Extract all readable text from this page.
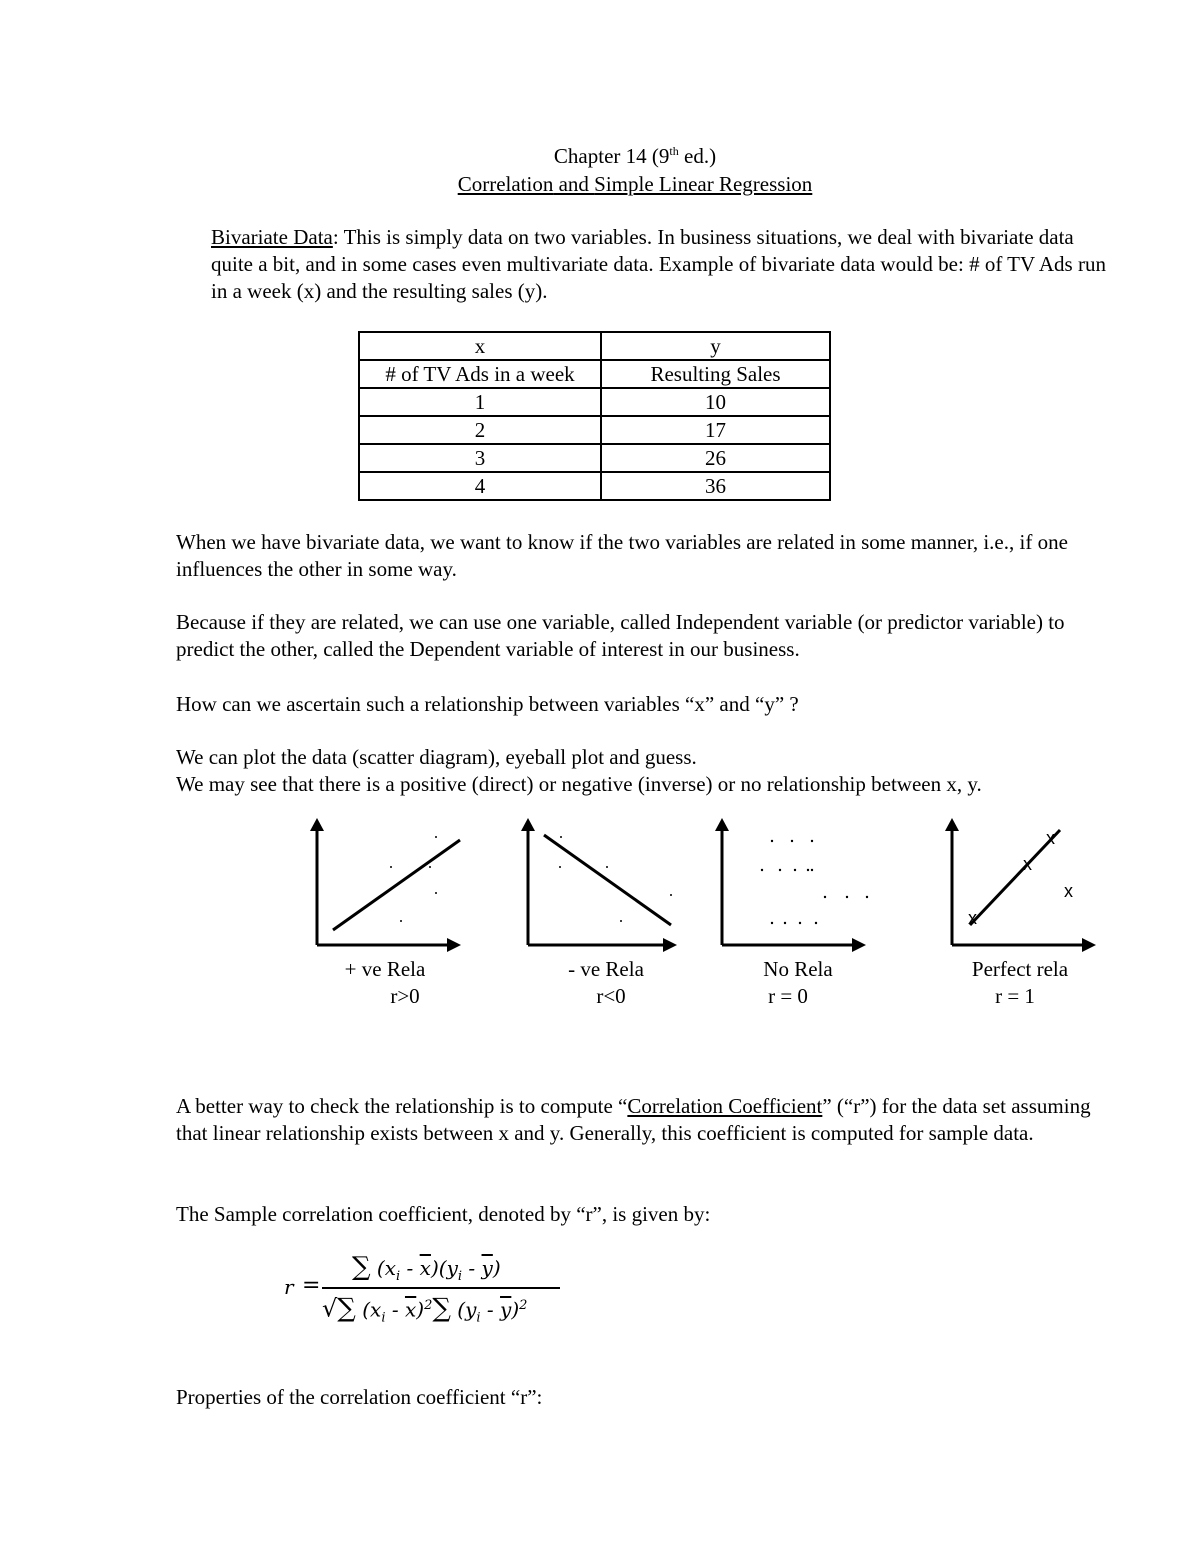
Chapter 14 (9th ed.)
Correlation and Simple Linear Regression
Bivariate Data: This is simply data on two variables. In business situations, we deal with bivariate data quite a bit, and in some cases even multivariate data. Example of bivariate data would be: # of TV Ads run in a week (x) and the resulting sales (y).
x	y
# of TV Ads in a week	Resulting Sales
1	10
2	17
3	26
4	36
When we have bivariate data, we want to know if the two variables are related in some manner, i.e., if one influences the other in some way.
Because if they are related, we can use one variable, called Independent variable (or predictor variable) to predict the other, called the Dependent variable of interest in our business.
How can we ascertain such a relationship between variables “x” and “y” ?
We can plot the data (scatter diagram), eyeball plot and guess.
We may see that there is a positive (direct) or negative (inverse) or no relationship between x, y.
+ ve Rela
r>0
- ve Rela
r<0
No Rela
r = 0
x
x
x
x
Perfect rela
r = 1
A better way to check the relationship is to compute “Correlation Coefficient” (“r”) for the data set assuming that linear relationship exists between x and y. Generally, this coefficient is computed for sample data.
The Sample correlation coefficient, denoted by “r”, is given by:
r =
∑ $(x_i - \overline{x})(y_i - \overline{y})$
√∑ $(x_i - \overline{x})^2\sum$ $(y_i - \overline{y})^2$
Properties of the correlation coefficient “r”:
